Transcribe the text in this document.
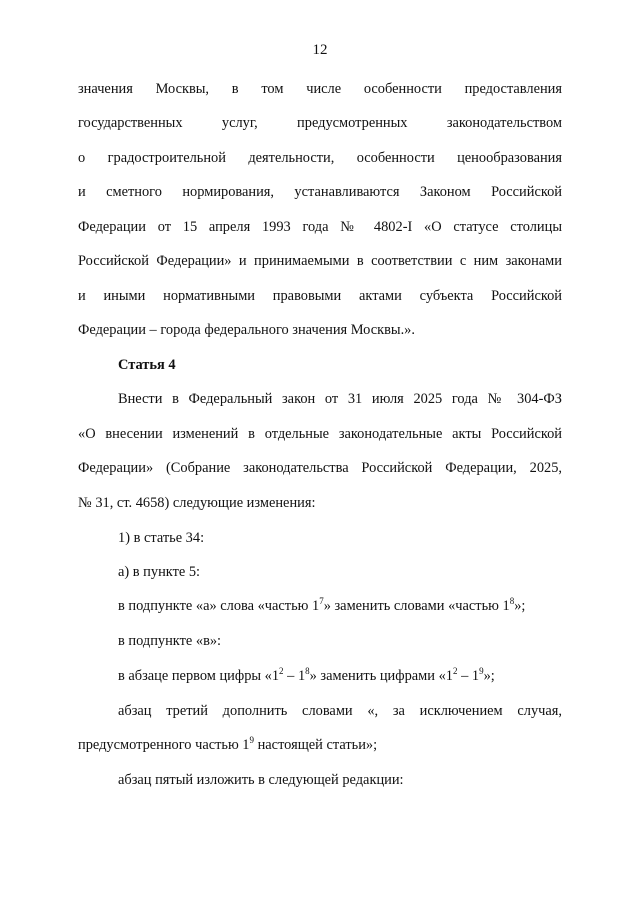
12
значения Москвы, в том числе особенности предоставления
государственных услуг, предусмотренных законодательством
о градостроительной деятельности, особенности ценообразования
и сметного нормирования, устанавливаются Законом Российской
Федерации от 15 апреля 1993 года № 4802-I «О статусе столицы
Российской Федерации» и принимаемыми в соответствии с ним законами
и иными нормативными правовыми актами субъекта Российской
Федерации – города федерального значения Москвы.».
Статья 4
Внести в Федеральный закон от 31 июля 2025 года № 304-ФЗ
«О внесении изменений в отдельные законодательные акты Российской
Федерации» (Собрание законодательства Российской Федерации, 2025,
№ 31, ст. 4658) следующие изменения:
1) в статье 34:
а) в пункте 5:
в подпункте «а» слова «частью $1^7$» заменить словами «частью $1^8$»;
в подпункте «в»:
в абзаце первом цифры «$1^2 - 1^8$» заменить цифрами «$1^2 - 1^9$»;
абзац третий дополнить словами «, за исключением случая,
предусмотренного частью $1^9$ настоящей статьи»;
абзац пятый изложить в следующей редакции:
